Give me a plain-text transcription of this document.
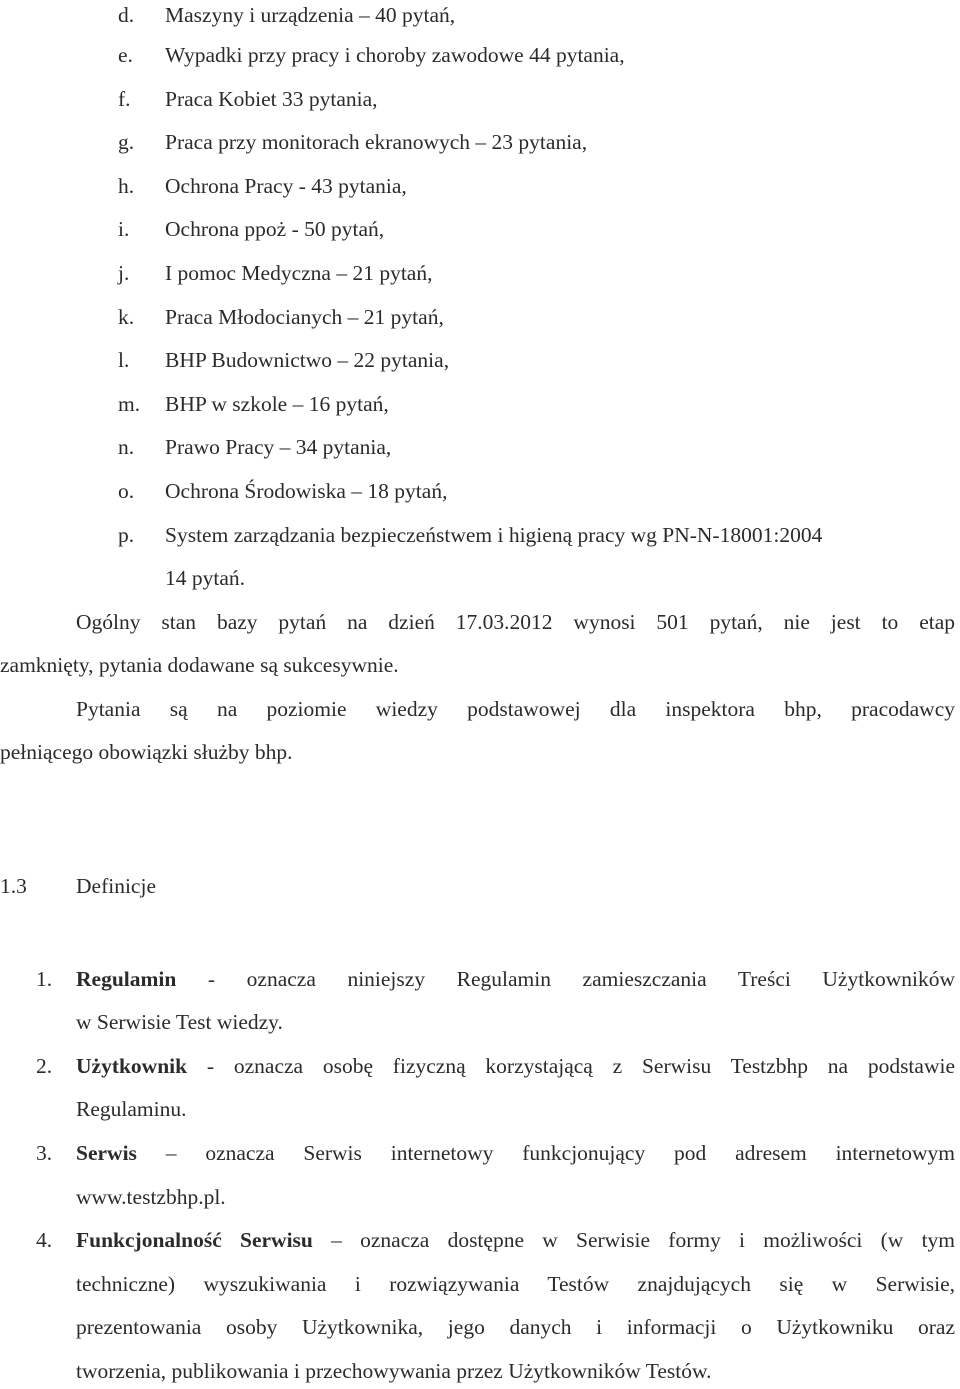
d.	Maszyny i urządzenia – 40 pytań,
e.	Wypadki przy pracy i choroby zawodowe 44 pytania,
f.	Praca Kobiet 33 pytania,
g.	Praca przy monitorach ekranowych – 23 pytania,
h.	Ochrona Pracy - 43 pytania,
i.	Ochrona ppoż - 50 pytań,
j.	I pomoc Medyczna – 21 pytań,
k.	Praca Młodocianych – 21 pytań,
l.	BHP Budownictwo – 22 pytania,
m.	BHP w szkole – 16 pytań,
n.	Prawo Pracy – 34 pytania,
o.	Ochrona Środowiska – 18 pytań,
p.	System zarządzania bezpieczeństwem i higieną pracy wg PN-N-18001:2004
14 pytań.
Ogólny stan bazy pytań na dzień 17.03.2012 wynosi 501 pytań, nie jest to etap
zamknięty, pytania dodawane są sukcesywnie.
Pytania są na poziomie wiedzy podstawowej dla inspektora bhp, pracodawcy
pełniącego obowiązki służby bhp.
1.3 Definicje
1.	Regulamin - oznacza niniejszy Regulamin zamieszczania Treści Użytkowników
w Serwisie Test wiedzy.
2.	Użytkownik - oznacza osobę fizyczną korzystającą z Serwisu Testzbhp na podstawie
Regulaminu.
3.	Serwis – oznacza Serwis internetowy funkcjonujący pod adresem internetowym
www.testzbhp.pl.
4.	Funkcjonalność Serwisu – oznacza dostępne w Serwisie formy i możliwości (w tym
techniczne) wyszukiwania i rozwiązywania Testów znajdujących się w Serwisie,
prezentowania osoby Użytkownika, jego danych i informacji o Użytkowniku oraz
tworzenia, publikowania i przechowywania przez Użytkowników Testów.
